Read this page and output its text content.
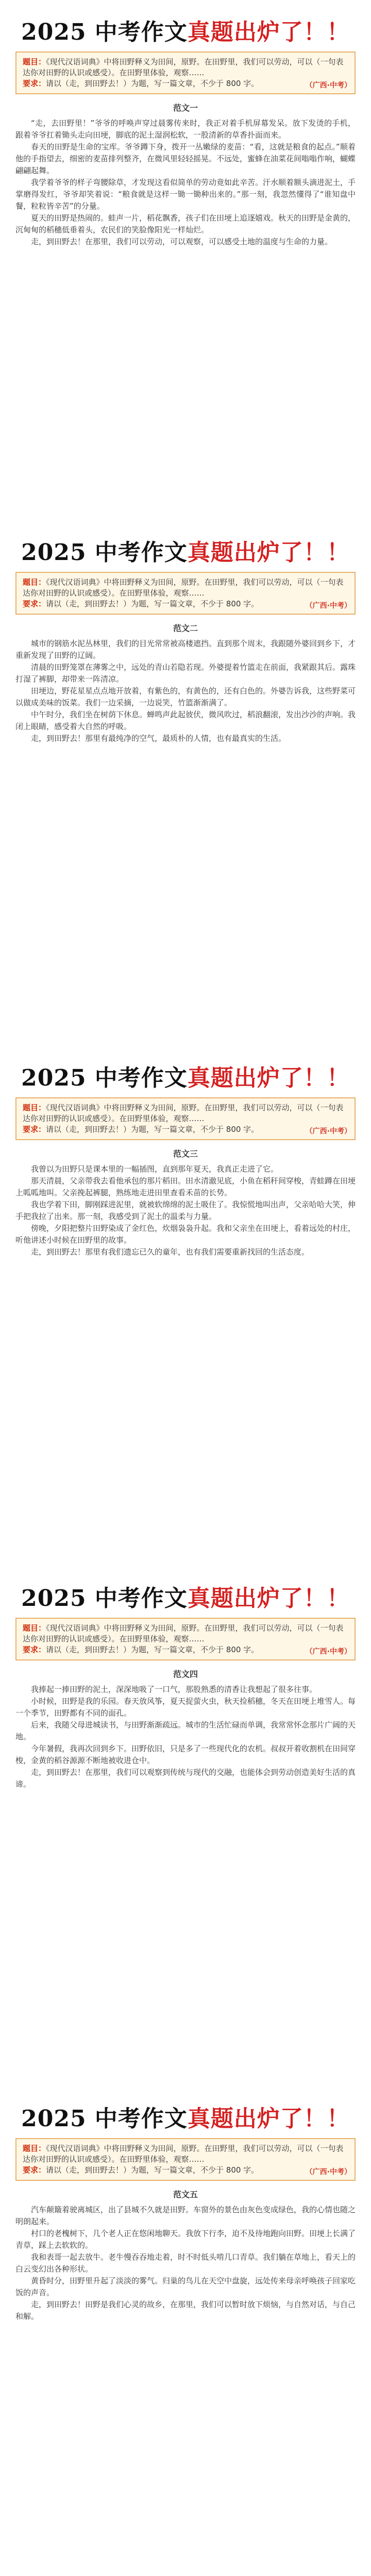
2025 中考作文真题出炉了！！
题目：《现代汉语词典》中将田野释义为田间，原野。在田野里，我们可以劳动，可以（一句表达你对田野的认识或感受）。在田野里体验，观察……
要求：请以（走，到田野去！）为题，写一篇文章，不少于 800 字。	（广西·中考）
范文一

“走，去田野里！”爷爷的呼唤声穿过晨雾传来时，我正对着手机屏幕发呆。放下发烫的手机，跟着爷爷扛着锄头走向田埂，脚底的泥土湿润松软，一股清新的草香扑面而来。

春天的田野是生命的宝库。爷爷蹲下身，拨开一丛嫩绿的麦苗：“看，这就是粮食的起点。”顺着他的手指望去，细密的麦苗排列整齐，在微风里轻轻摇晃。不远处，蜜蜂在油菜花间嗡嗡作响，蝴蝶翩翩起舞。

我学着爷爷的样子弯腰除草，才发现这看似简单的劳动竟如此辛苦。汗水顺着额头滴进泥土，手掌磨得发红，爷爷却笑着说：“粮食就是这样一锄一锄种出来的。”那一刻，我忽然懂得了“谁知盘中餐，粒粒皆辛苦”的分量。

夏天的田野是热闹的。蛙声一片，稻花飘香，孩子们在田埂上追逐嬉戏。秋天的田野是金黄的，沉甸甸的稻穗低垂着头，农民们的笑脸像阳光一样灿烂。

走，到田野去！在那里，我们可以劳动，可以观察，可以感受土地的温度与生命的力量。

2025 中考作文真题出炉了！！
题目：《现代汉语词典》中将田野释义为田间，原野。在田野里，我们可以劳动，可以（一句表达你对田野的认识或感受）。在田野里体验，观察……
要求：请以（走，到田野去！）为题，写一篇文章，不少于 800 字。	（广西·中考）
范文二

城市的钢筋水泥丛林里，我们的目光常常被高楼遮挡。直到那个周末，我跟随外婆回到乡下，才重新发现了田野的辽阔。

清晨的田野笼罩在薄雾之中，远处的青山若隐若现。外婆提着竹篮走在前面，我紧跟其后。露珠打湿了裤脚，却带来一阵清凉。

田埂边，野花星星点点地开放着，有紫色的，有黄色的，还有白色的。外婆告诉我，这些野菜可以做成美味的饭菜。我们一边采摘，一边说笑，竹篮渐渐满了。

中午时分，我们坐在树荫下休息。蝉鸣声此起彼伏，微风吹过，稻浪翻滚，发出沙沙的声响。我闭上眼睛，感受着大自然的呼吸。

走，到田野去！那里有最纯净的空气，最质朴的人情，也有最真实的生活。

2025 中考作文真题出炉了！！
题目：《现代汉语词典》中将田野释义为田间，原野。在田野里，我们可以劳动，可以（一句表达你对田野的认识或感受）。在田野里体验，观察……
要求：请以（走，到田野去！）为题，写一篇文章，不少于 800 字。	（广西·中考）
范文三

我曾以为田野只是课本里的一幅插图，直到那年夏天，我真正走进了它。

那天清晨，父亲带我去看他承包的那片稻田。田水清澈见底，小鱼在稻秆间穿梭，青蛙蹲在田埂上呱呱地叫。父亲挽起裤腿，熟练地走进田里查看禾苗的长势。

我也学着下田，脚刚踩进泥里，就被软绵绵的泥土吸住了。我惊慌地叫出声，父亲哈哈大笑，伸手把我拉了出来。那一刻，我感受到了泥土的温柔与力量。

傍晚，夕阳把整片田野染成了金红色，炊烟袅袅升起。我和父亲坐在田埂上，看着远处的村庄，听他讲述小时候在田野里的故事。

走，到田野去！那里有我们遗忘已久的童年，也有我们需要重新找回的生活态度。

2025 中考作文真题出炉了！！
题目：《现代汉语词典》中将田野释义为田间，原野。在田野里，我们可以劳动，可以（一句表达你对田野的认识或感受）。在田野里体验，观察……
要求：请以（走，到田野去！）为题，写一篇文章，不少于 800 字。	（广西·中考）
范文四

我捧起一捧田野的泥土，深深地吸了一口气，那股熟悉的清香让我想起了很多往事。

小时候，田野是我的乐园。春天放风筝，夏天捉萤火虫，秋天捡稻穗，冬天在田埂上堆雪人。每一个季节，田野都有不同的面孔。

后来，我随父母进城读书，与田野渐渐疏远。城市的生活忙碌而单调，我常常怀念那片广阔的天地。

今年暑假，我再次回到乡下。田野依旧，只是多了一些现代化的农机。叔叔开着收割机在田间穿梭，金黄的稻谷源源不断地被收进仓中。

走，到田野去！在那里，我们可以观察到传统与现代的交融，也能体会到劳动创造美好生活的真谛。

2025 中考作文真题出炉了！！
题目：《现代汉语词典》中将田野释义为田间，原野。在田野里，我们可以劳动，可以（一句表达你对田野的认识或感受）。在田野里体验，观察……
要求：请以（走，到田野去！）为题，写一篇文章，不少于 800 字。	（广西·中考）
范文五

汽车颠簸着驶离城区，出了县城不久就是田野。车窗外的景色由灰色变成绿色，我的心情也随之明朗起来。

村口的老槐树下，几个老人正在悠闲地聊天。我放下行李，迫不及待地跑向田野。田埂上长满了青草，踩上去软软的。

我和表哥一起去放牛。老牛慢吞吞地走着，时不时低头啃几口青草。我们躺在草地上，看天上的白云变幻出各种形状。

黄昏时分，田野里升起了淡淡的雾气。归巢的鸟儿在天空中盘旋，远处传来母亲呼唤孩子回家吃饭的声音。

走，到田野去！田野是我们心灵的故乡，在那里，我们可以暂时放下烦恼，与自然对话，与自己和解。
